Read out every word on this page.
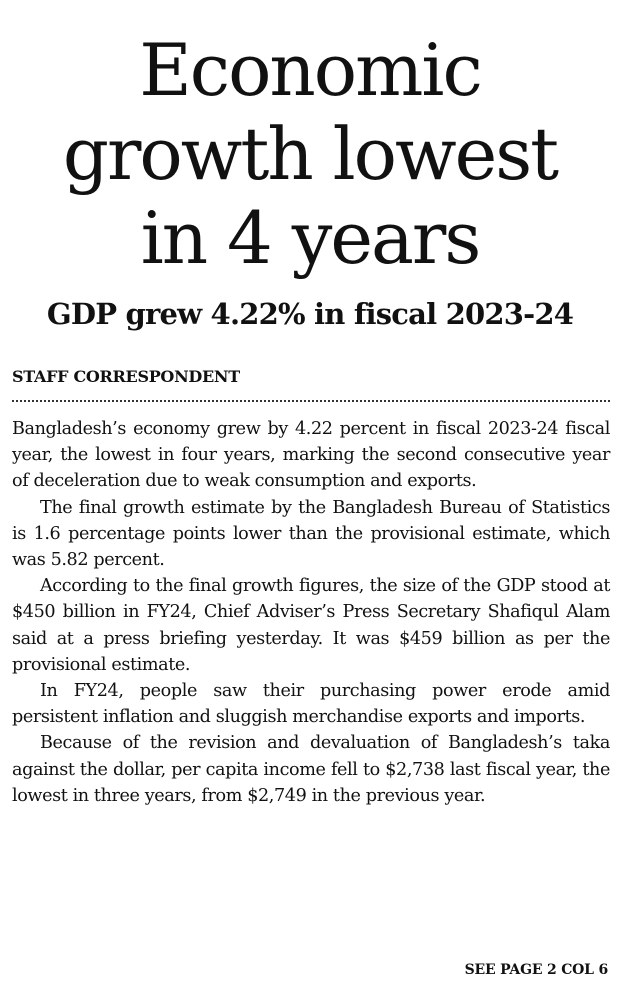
Economic
growth lowest
in 4 years
GDP grew 4.22% in fiscal 2023-24
STAFF CORRESPONDENT

Bangladesh’s economy grew by 4.22 percent in fiscal 2023-24 fiscal year, the lowest in four years, marking the second consecutive year of deceleration due to weak consumption and exports.

The final growth estimate by the Bangladesh Bureau of Statistics is 1.6 percentage points lower than the provisional estimate, which was 5.82 percent.

According to the final growth figures, the size of the GDP stood at $450 billion in FY24, Chief Adviser’s Press Secretary Shafiqul Alam said at a press briefing yesterday. It was $459 billion as per the provisional estimate.

In FY24, people saw their purchasing power erode amid persistent inflation and sluggish merchandise exports and imports.

Because of the revision and devaluation of Bangladesh’s taka against the dollar, per capita income fell to $2,738 last fiscal year, the lowest in three years, from $2,749 in the previous year.

SEE PAGE 2 COL 6
